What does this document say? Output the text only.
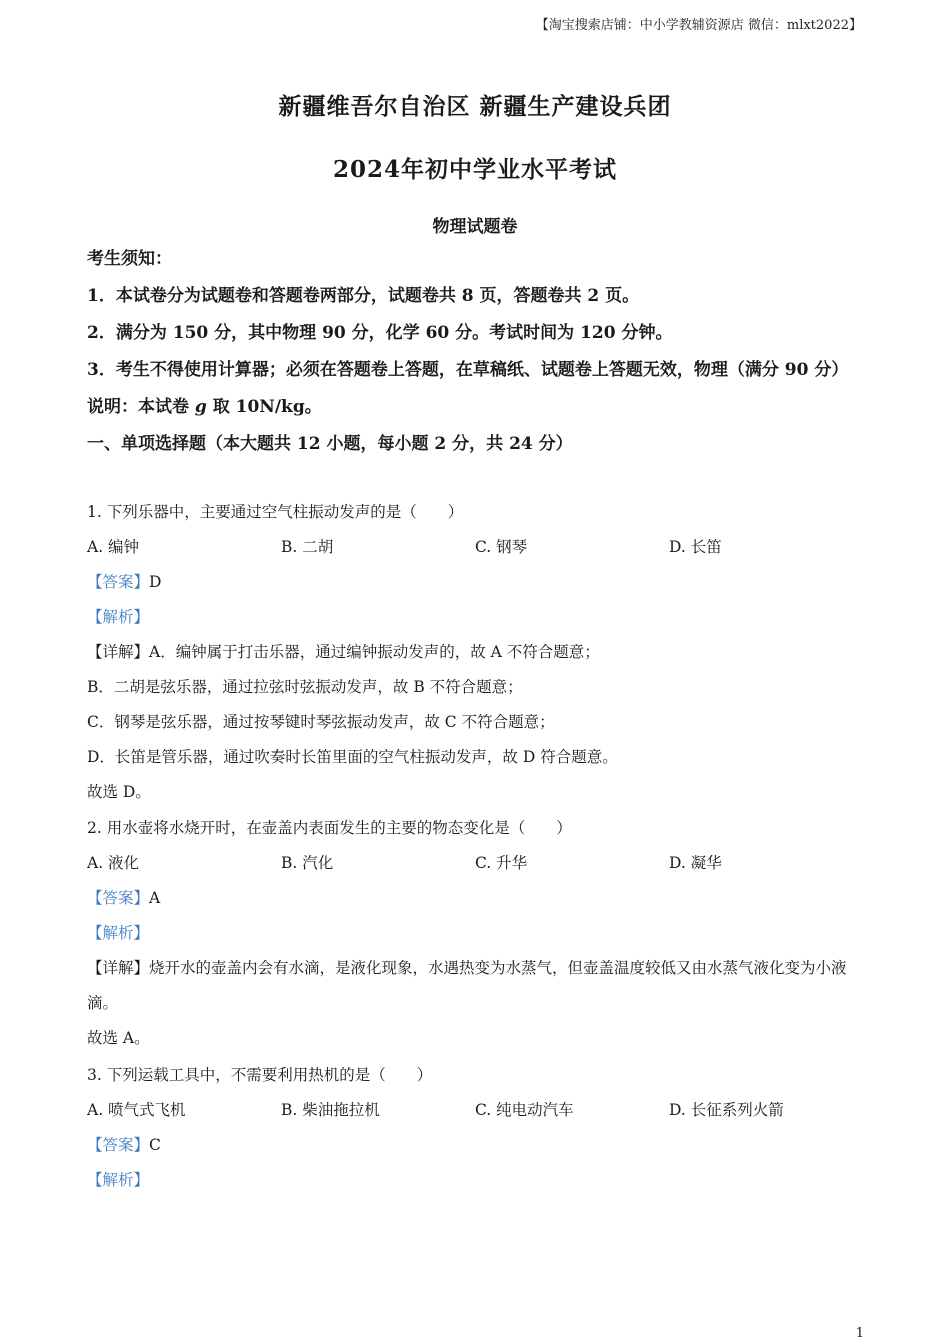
【淘宝搜索店铺：中小学教辅资源店 微信：mlxt2022】
新疆维吾尔自治区 新疆生产建设兵团
2024年初中学业水平考试
物理试题卷

考生须知：

1．本试卷分为试题卷和答题卷两部分，试题卷共 8 页，答题卷共 2 页。

2．满分为 150 分，其中物理 90 分，化学 60 分。考试时间为 120 分钟。

3．考生不得使用计算器；必须在答题卷上答题，在草稿纸、试题卷上答题无效，物理（满分 90 分）

说明：本试卷 g 取 10N/kg。

一、单项选择题（本大题共 12 小题，每小题 2 分，共 24 分）

1. 下列乐器中，主要通过空气柱振动发声的是（　　）

A. 编钟	B. 二胡	C. 钢琴	D. 长笛

【答案】D

【解析】

【详解】A．编钟属于打击乐器，通过编钟振动发声的，故 A 不符合题意；

B．二胡是弦乐器，通过拉弦时弦振动发声，故 B 不符合题意；

C．钢琴是弦乐器，通过按琴键时琴弦振动发声，故 C 不符合题意；

D．长笛是管乐器，通过吹奏时长笛里面的空气柱振动发声，故 D 符合题意。

故选 D。

2. 用水壶将水烧开时，在壶盖内表面发生的主要的物态变化是（　　）

A. 液化	B. 汽化	C. 升华	D. 凝华

【答案】A

【解析】

【详解】烧开水的壶盖内会有水滴，是液化现象，水遇热变为水蒸气，但壶盖温度较低又由水蒸气液化变为小液滴。

故选 A。

3. 下列运载工具中，不需要利用热机的是（　　）

A. 喷气式飞机	B. 柴油拖拉机	C. 纯电动汽车	D. 长征系列火箭

【答案】C

【解析】

1
